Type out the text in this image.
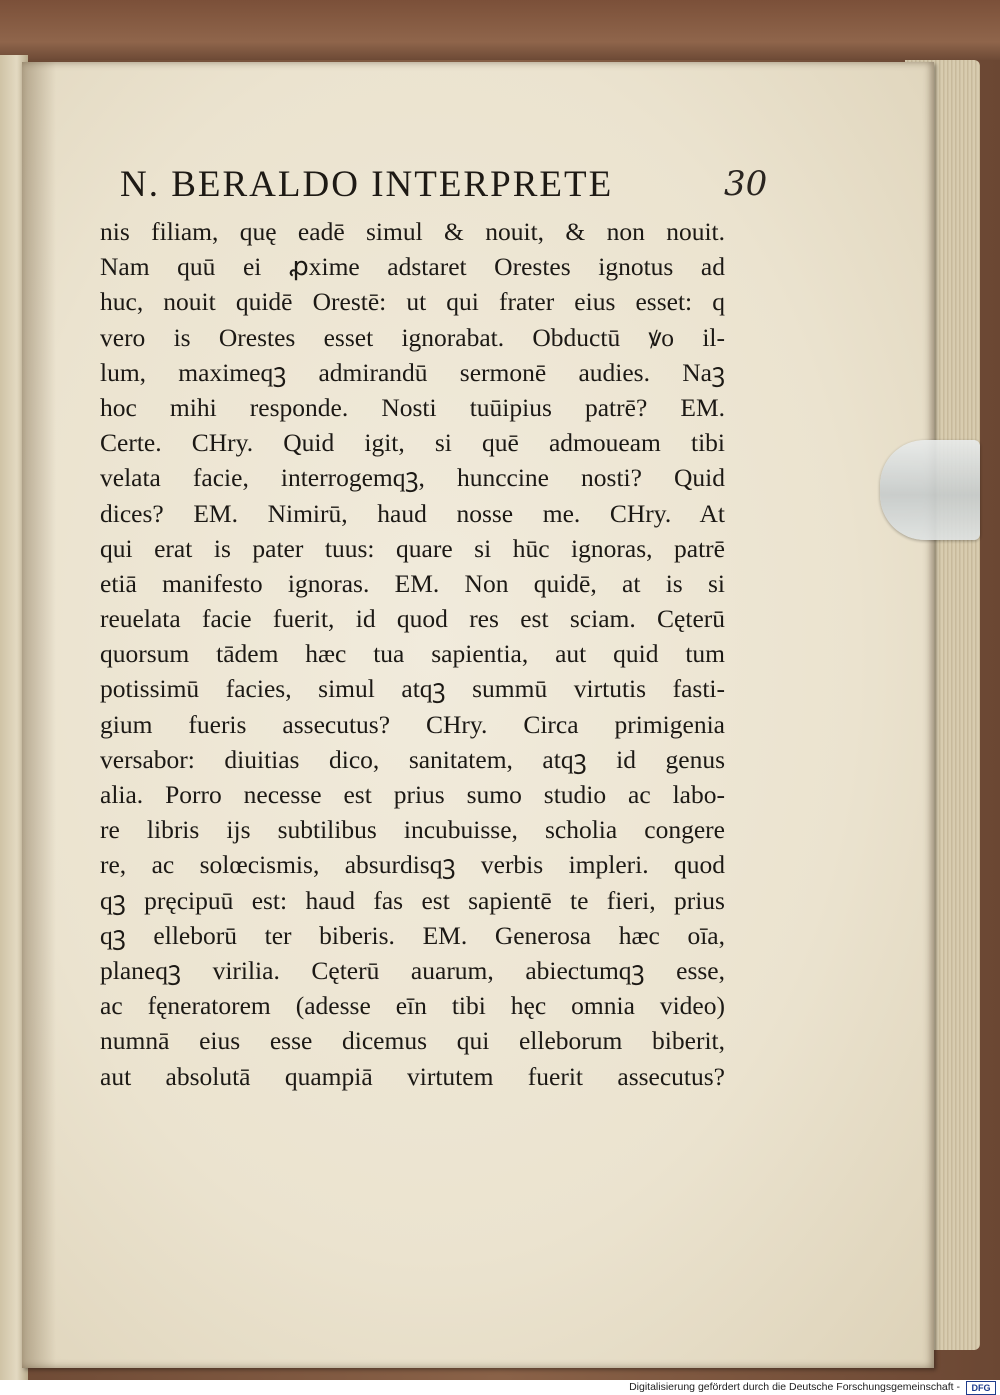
N. BERALDO INTERPRETE	30
nis filiam, quę eadē simul & nouit, & non nouit.
Nam quū ei ꝓxime adstaret Orestes ignotus ad
huc, nouit quidē Orestē: ut qui frater eius esset: q
vero is Orestes esset ignorabat. Obductū ꝟo il-
lum, maximeqꝫ admirandū sermonē audies. Naꝫ
hoc mihi responde. Nosti tuūipius patrē? EM.
Certe. CHry. Quid igit, si quē admoueam tibi
velata facie, interrogemqꝫ, hunccine nosti? Quid
dices? EM. Nimirū, haud nosse me. CHry. At
qui erat is pater tuus: quare si hūc ignoras, patrē
etiā manifesto ignoras. EM. Non quidē, at is si
reuelata facie fuerit, id quod res est sciam. Cęterū
quorsum tādem hæc tua sapientia, aut quid tum
potissimū facies, simul atqꝫ summū virtutis fasti-
gium fueris assecutus? CHry. Circa primigenia
versabor: diuitias dico, sanitatem, atqꝫ id genus
alia. Porro necesse est prius sumo studio ac labo-
re libris ijs subtilibus incubuisse, scholia congere
re, ac solœcismis, absurdisqꝫ verbis impleri. quod
qꝫ pręcipuū est: haud fas est sapientē te fieri, prius
qꝫ elleborū ter biberis. EM. Generosa hæc oīa,
planeqꝫ virilia. Cęterū auarum, abiectumqꝫ esse,
ac fęneratorem (adesse eīn tibi hęc omnia video)
numnā eius esse dicemus qui elleborum biberit,
aut absolutā quampiā virtutem fuerit assecutus?
Digitalisierung gefördert durch die Deutsche Forschungsgemeinschaft -	DFG
